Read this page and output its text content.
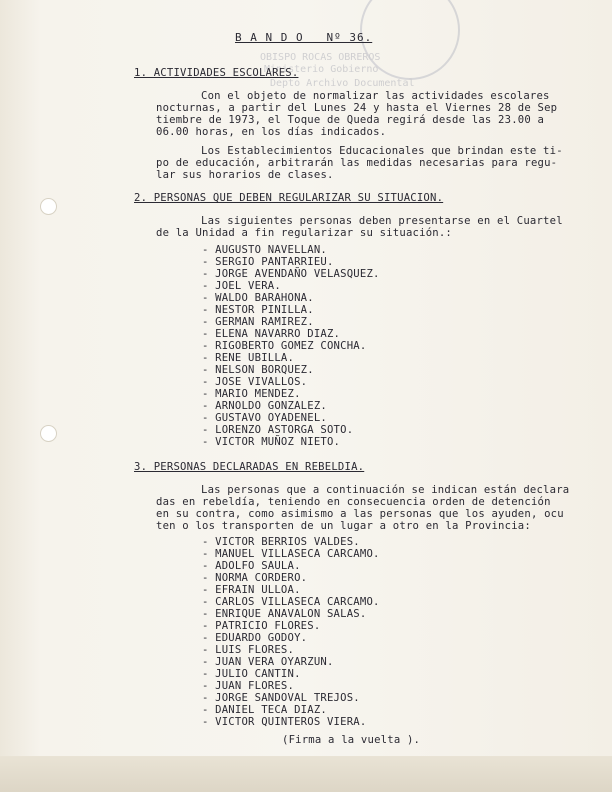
OBISPO ROCAS OBREROS
Ministerio Gobierno
Depto Archivo Documental
B A N D O   Nº 36.
1. ACTIVIDADES ESCOLARES.
Con el objeto de normalizar las actividades escolares
nocturnas, a partir del Lunes 24 y hasta el Viernes 28 de Sep
tiembre de 1973, el Toque de Queda regirá desde las 23.00 a
06.00 horas, en los días indicados.
Los Establecimientos Educacionales que brindan este ti-
po de educación, arbitrarán las medidas necesarias para regu-
lar sus horarios de clases.
2. PERSONAS QUE DEBEN REGULARIZAR SU SITUACION.
Las siguientes personas deben presentarse en el Cuartel
de la Unidad a fin regularizar su situación.:
- AUGUSTO NAVELLAN.
- SERGIO PANTARRIEU.
- JORGE AVENDAÑO VELASQUEZ.
- JOEL VERA.
- WALDO BARAHONA.
- NESTOR PINILLA.
- GERMAN RAMIREZ.
- ELENA NAVARRO DIAZ.
- RIGOBERTO GOMEZ CONCHA.
- RENE UBILLA.
- NELSON BORQUEZ.
- JOSE VIVALLOS.
- MARIO MENDEZ.
- ARNOLDO GONZALEZ.
- GUSTAVO OYADENEL.
- LORENZO ASTORGA SOTO.
- VICTOR MUÑOZ NIETO.
3. PERSONAS DECLARADAS EN REBELDIA.
Las personas que a continuación se indican están declara
das en rebeldía, teniendo en consecuencia orden de detención
en su contra, como asimismo a las personas que los ayuden, ocu
ten o los transporten de un lugar a otro en la Provincia:
- VICTOR BERRIOS VALDES.
- MANUEL VILLASECA CARCAMO.
- ADOLFO SAULA.
- NORMA CORDERO.
- EFRAIN ULLOA.
- CARLOS VILLASECA CARCAMO.
- ENRIQUE ANAVALON SALAS.
- PATRICIO FLORES.
- EDUARDO GODOY.
- LUIS FLORES.
- JUAN VERA OYARZUN.
- JULIO CANTIN.
- JUAN FLORES.
- JORGE SANDOVAL TREJOS.
- DANIEL TECA DIAZ.
- VICTOR QUINTEROS VIERA.
(Firma a la vuelta ).
